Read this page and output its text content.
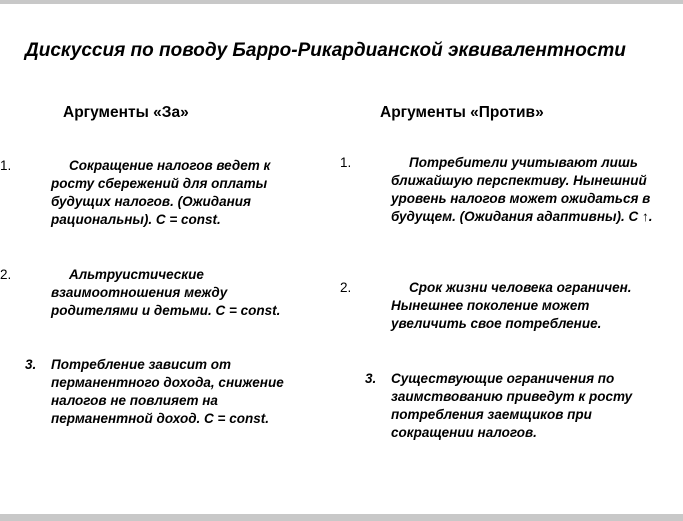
Дискуссия по поводу Барро-Рикардианской эквивалентности
Аргументы «За»	Аргументы «Против»
1.	Сокращение налогов ведет к росту сбережений для оплаты будущих налогов. (Ожидания рациональны). C = const.
2.	Альтруистические взаимоотношения между родителями и детьми. C = const.
3. Потребление зависит от перманентного дохода, снижение налогов не повлияет на перманентной доход. C = const.
1.	Потребители учитывают лишь ближайшую перспективу. Нынешний уровень налогов может ожидаться в будущем. (Ожидания адаптивны). C ↑.
2.	Срок жизни человека ограничен. Нынешнее поколение может увеличить свое потребление.
3. Существующие ограничения по заимствованию приведут к росту потребления заемщиков при сокращении налогов.
